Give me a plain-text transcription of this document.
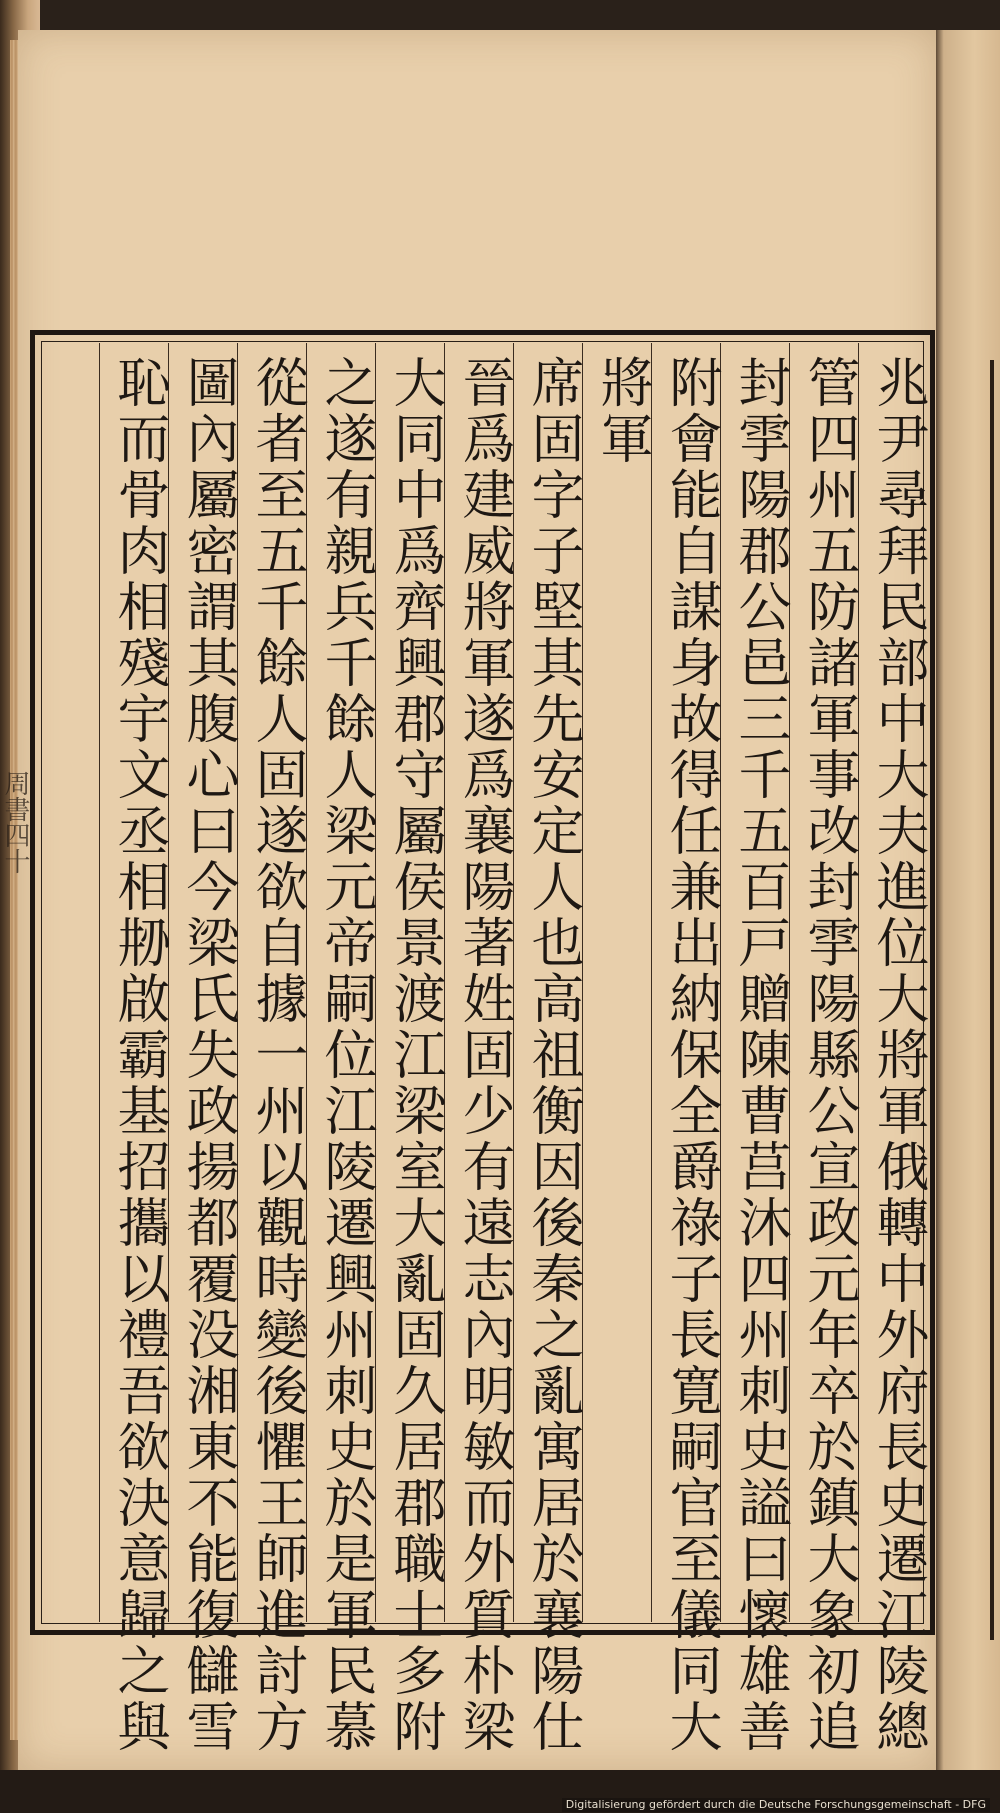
周書四十	兆尹尋拜民部中大夫進位大將軍俄轉中外府長史遷江陵總
管四州五防諸軍事改封𩁹陽縣公宣政元年卒於鎮大象初追
封𩁹陽郡公邑三千五百戸贈陳曹莒沐四州刺史謚曰懷雄善
附會能自謀身故得任兼出納保全爵祿子長寛嗣官至儀同大
將軍
席固字子堅其先安定人也高祖衡因後秦之亂寓居於襄陽仕
晉爲建威將軍遂爲襄陽著姓固少有遠志內明敏而外質朴梁
大同中爲齊興郡守屬侯景渡江梁室大亂固久居郡職士多附
之遂有親兵千餘人梁元帝嗣位江陵遷興州刺史於是軍民慕
從者至五千餘人固遂欲自據一州以觀時變後懼王師進討方
圖內屬密謂其腹心曰今梁氏失政揚都覆没湘東不能復讎雪
恥而骨肉相殘宇文丞相刱啟霸基招攜以禮吾欲決意歸之與
Digitalisierung gefördert durch die Deutsche Forschungsgemeinschaft - DFG
